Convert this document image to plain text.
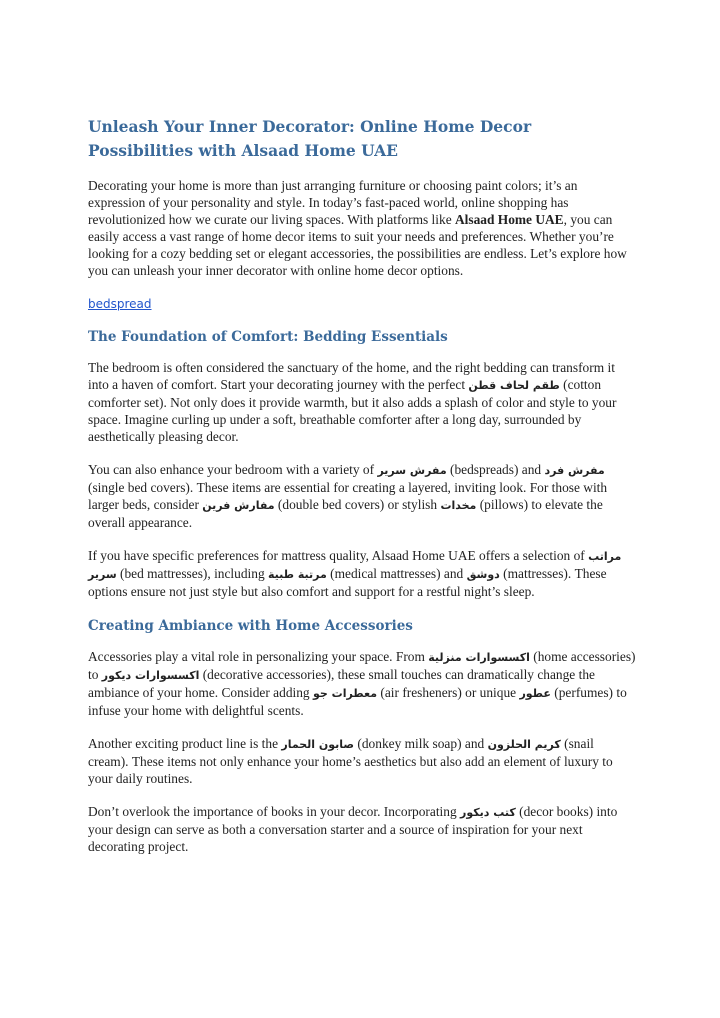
Unleash Your Inner Decorator: Online Home Decor Possibilities with Alsaad Home UAE

Decorating your home is more than just arranging furniture or choosing paint colors; it’s an expression of your personality and style. In today’s fast-paced world, online shopping has revolutionized how we curate our living spaces. With platforms like Alsaad Home UAE, you can easily access a vast range of home decor items to suit your needs and preferences. Whether you’re looking for a cozy bedding set or elegant accessories, the possibilities are endless. Let’s explore how you can unleash your inner decorator with online home decor options.

bedspread

The Foundation of Comfort: Bedding Essentials

The bedroom is often considered the sanctuary of the home, and the right bedding can transform it into a haven of comfort. Start your decorating journey with the perfect طقم لحاف قطن (cotton comforter set). Not only does it provide warmth, but it also adds a splash of color and style to your space. Imagine curling up under a soft, breathable comforter after a long day, surrounded by aesthetically pleasing decor.

You can also enhance your bedroom with a variety of مفرش سرير (bedspreads) and مفرش فرد (single bed covers). These items are essential for creating a layered, inviting look. For those with larger beds, consider مفارش فرين (double bed covers) or stylish مخدات (pillows) to elevate the overall appearance.

If you have specific preferences for mattress quality, Alsaad Home UAE offers a selection of مراتب سرير (bed mattresses), including مرتبة طبية (medical mattresses) and دوشق (mattresses). These options ensure not just style but also comfort and support for a restful night’s sleep.

Creating Ambiance with Home Accessories

Accessories play a vital role in personalizing your space. From اكسسوارات منزلية (home accessories) to اكسسوارات ديكور (decorative accessories), these small touches can dramatically change the ambiance of your home. Consider adding معطرات جو (air fresheners) or unique عطور (perfumes) to infuse your home with delightful scents.

Another exciting product line is the صابون الحمار (donkey milk soap) and كريم الحلزون (snail cream). These items not only enhance your home’s aesthetics but also add an element of luxury to your daily routines.

Don’t overlook the importance of books in your decor. Incorporating كتب ديكور (decor books) into your design can serve as both a conversation starter and a source of inspiration for your next decorating project.
